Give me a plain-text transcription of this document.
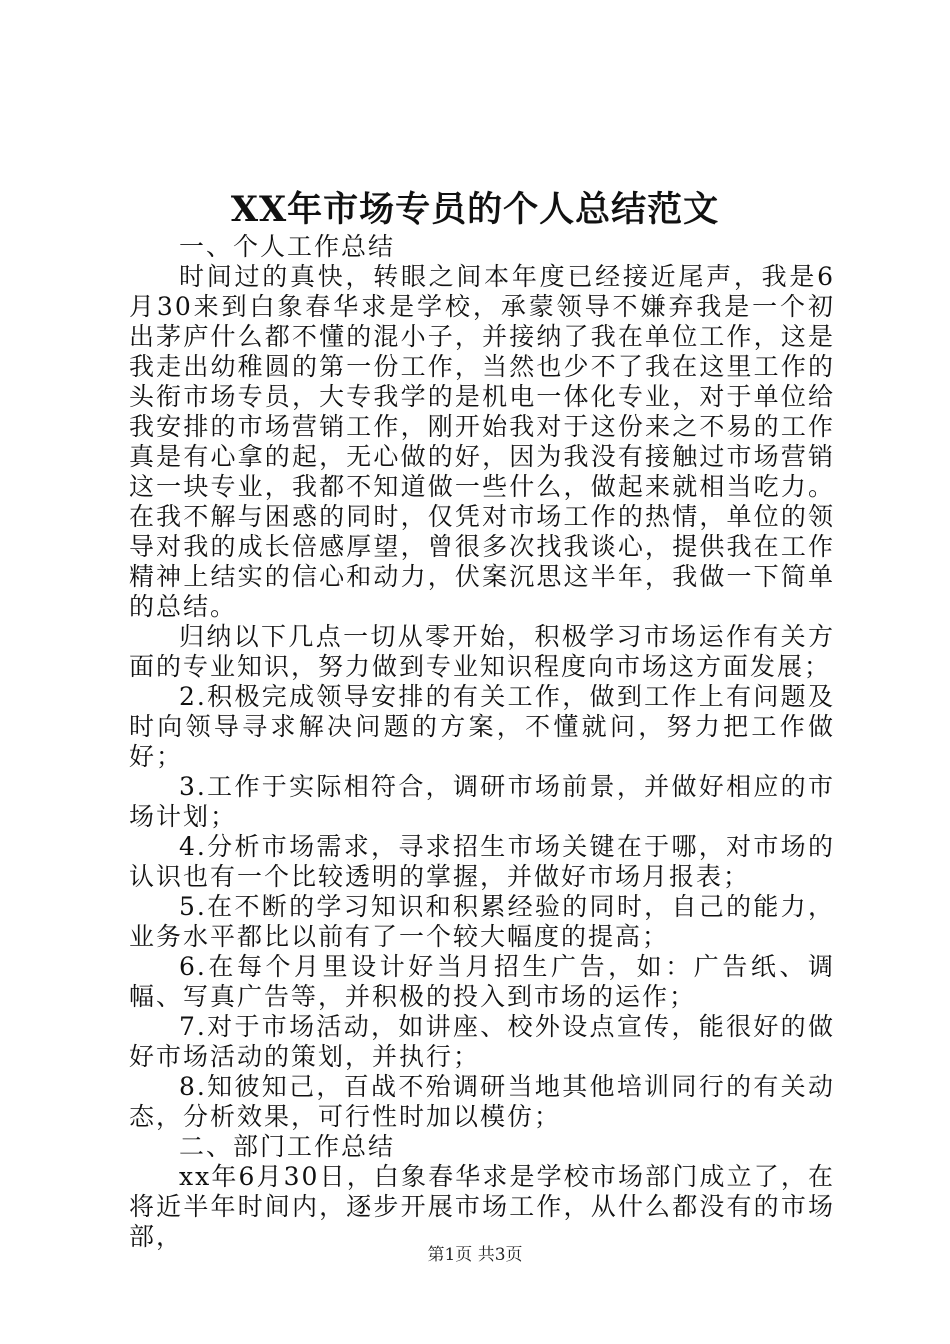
XX年市场专员的个人总结范文

一、个人工作总结

时间过的真快，转眼之间本年度已经接近尾声，我是6月30来到白象春华求是学校，承蒙领导不嫌弃我是一个初出茅庐什么都不懂的混小子，并接纳了我在单位工作，这是我走出幼稚圆的第一份工作，当然也少不了我在这里工作的头衔市场专员，大专我学的是机电一体化专业，对于单位给我安排的市场营销工作，刚开始我对于这份来之不易的工作真是有心拿的起，无心做的好，因为我没有接触过市场营销这一块专业，我都不知道做一些什么，做起来就相当吃力。在我不解与困惑的同时，仅凭对市场工作的热情，单位的领导对我的成长倍感厚望，曾很多次找我谈心，提供我在工作精神上结实的信心和动力，伏案沉思这半年，我做一下简单的总结。

归纳以下几点一切从零开始，积极学习市场运作有关方面的专业知识，努力做到专业知识程度向市场这方面发展；

2.积极完成领导安排的有关工作，做到工作上有问题及时向领导寻求解决问题的方案，不懂就问，努力把工作做好；

3.工作于实际相符合，调研市场前景，并做好相应的市场计划；

4.分析市场需求，寻求招生市场关键在于哪，对市场的认识也有一个比较透明的掌握，并做好市场月报表；

5.在不断的学习知识和积累经验的同时，自己的能力，业务水平都比以前有了一个较大幅度的提高；

6.在每个月里设计好当月招生广告，如：广告纸、调幅、写真广告等，并积极的投入到市场的运作；

7.对于市场活动，如讲座、校外设点宣传，能很好的做好市场活动的策划，并执行；

8.知彼知己，百战不殆调研当地其他培训同行的有关动态，分析效果，可行性时加以模仿；

二、部门工作总结

xx年6月30日，白象春华求是学校市场部门成立了，在将近半年时间内，逐步开展市场工作，从什么都没有的市场部，

第1页 共3页
